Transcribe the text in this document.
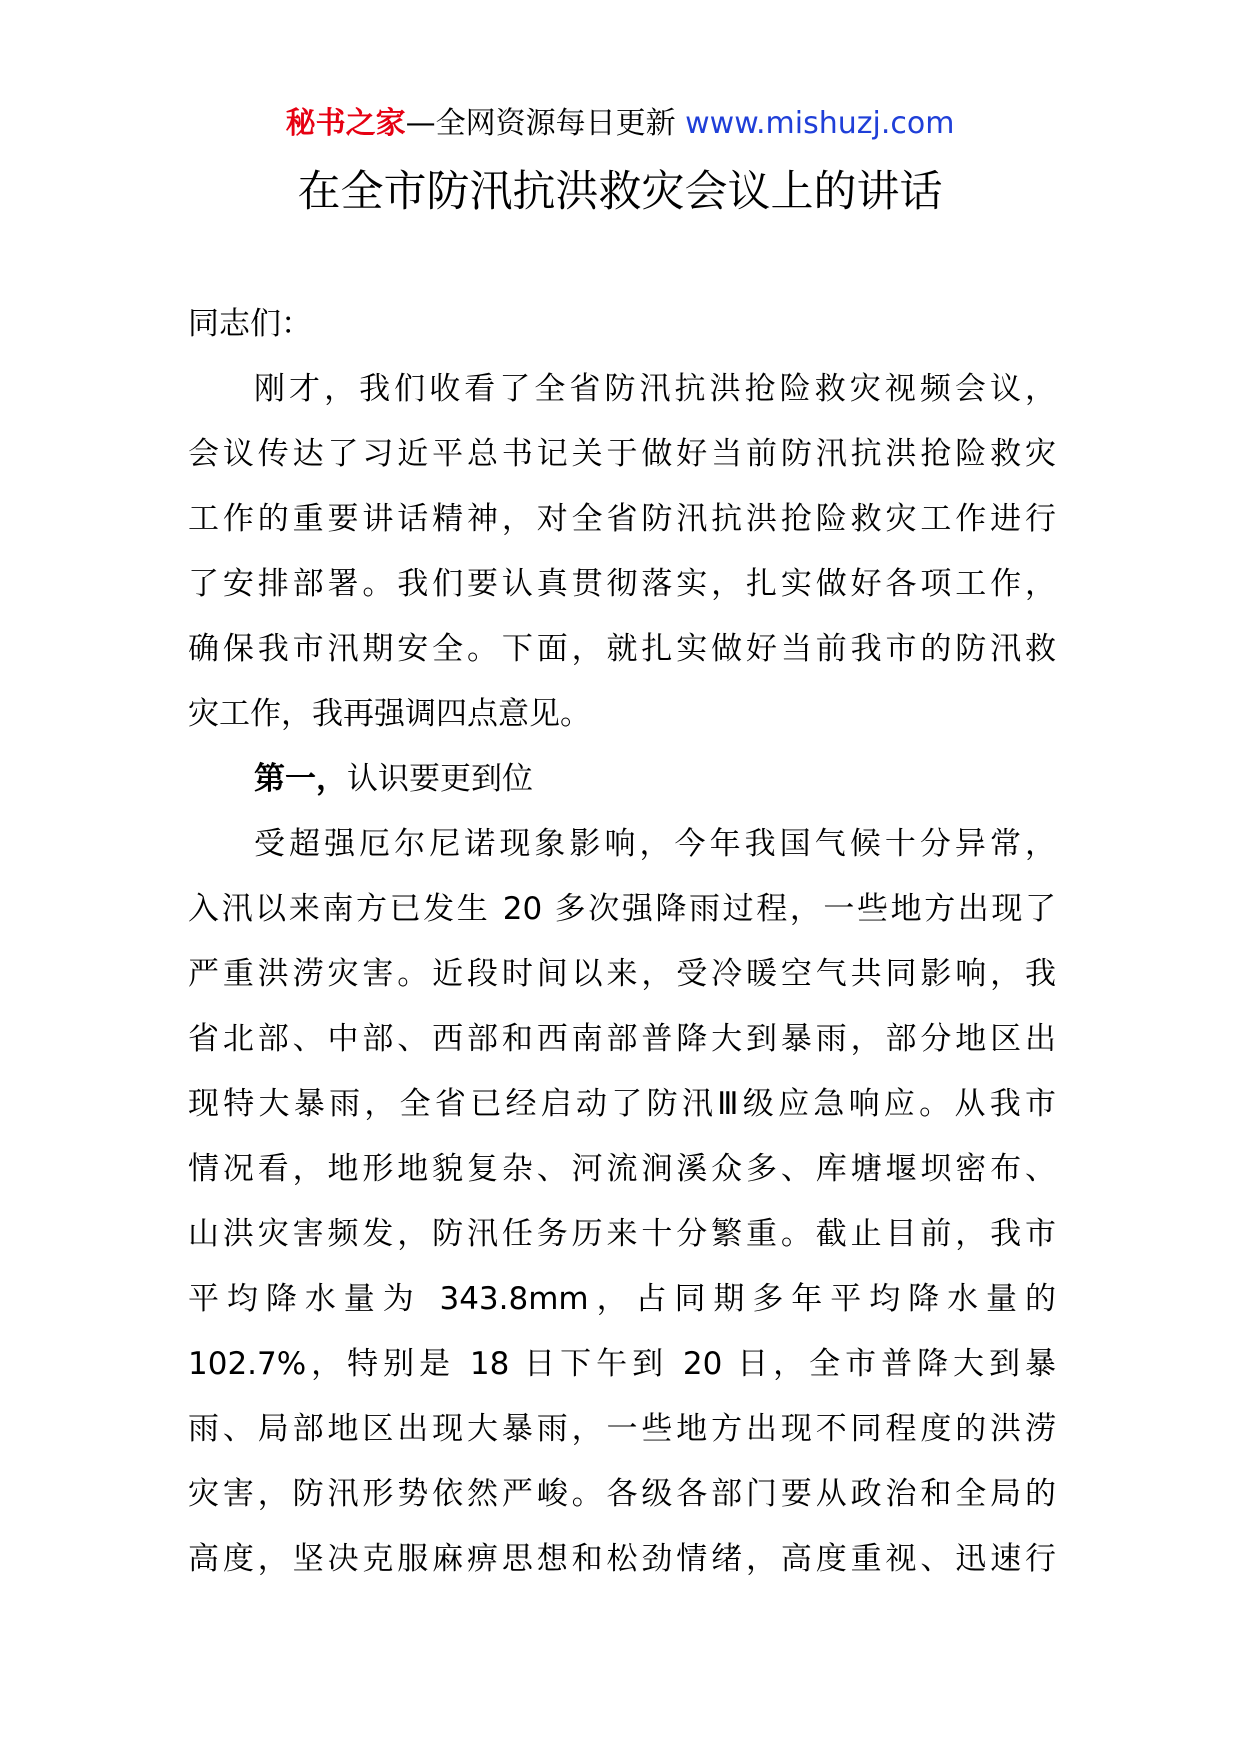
秘书之家—全网资源每日更新 www.mishuzj.com
在全市防汛抗洪救灾会议上的讲话
同志们：
刚才，我们收看了全省防汛抗洪抢险救灾视频会议，
会议传达了习近平总书记关于做好当前防汛抗洪抢险救灾
工作的重要讲话精神，对全省防汛抗洪抢险救灾工作进行
了安排部署。我们要认真贯彻落实，扎实做好各项工作，
确保我市汛期安全。下面，就扎实做好当前我市的防汛救
灾工作，我再强调四点意见。
第一，认识要更到位
受超强厄尔尼诺现象影响，今年我国气候十分异常，
入汛以来南方已发生 20 多次强降雨过程，一些地方出现了
严重洪涝灾害。近段时间以来，受冷暖空气共同影响，我
省北部、中部、西部和西南部普降大到暴雨，部分地区出
现特大暴雨，全省已经启动了防汛Ⅲ级应急响应。从我市
情况看，地形地貌复杂、河流涧溪众多、库塘堰坝密布、
山洪灾害频发，防汛任务历来十分繁重。截止目前，我市
平均降水量为 343.8mm，占同期多年平均降水量的
102.7%，特别是 18 日下午到 20 日，全市普降大到暴
雨、局部地区出现大暴雨，一些地方出现不同程度的洪涝
灾害，防汛形势依然严峻。各级各部门要从政治和全局的
高度，坚决克服麻痹思想和松劲情绪，高度重视、迅速行
